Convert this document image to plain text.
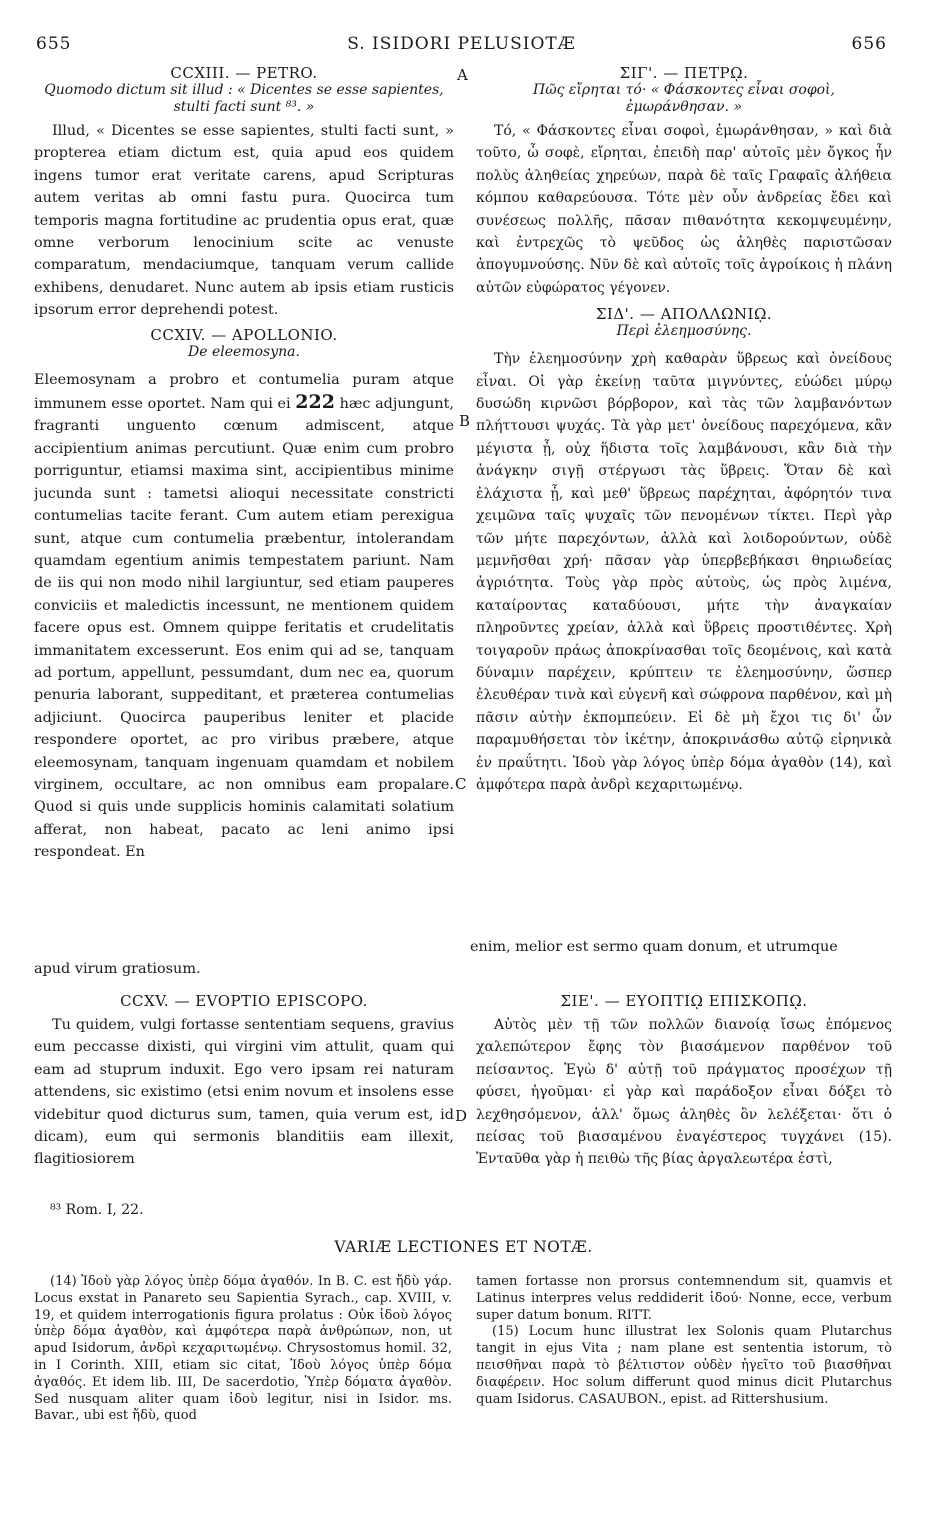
655	S. ISIDORI PELUSIOTÆ	656
A
B
C
D

CCXIII. — PETRO.

Quomodo dictum sit illud : « Dicentes se esse sapientes,

stulti facti sunt ⁸³. »

Illud, « Dicentes se esse sapientes, stulti facti sunt, » propterea etiam dictum est, quia apud eos quidem ingens tumor erat veritate carens, apud Scripturas autem veritas ab omni fastu pura. Quocirca tum temporis magna fortitudine ac prudentia opus erat, quæ omne verborum lenocinium scite ac venuste comparatum, mendaciumque, tanquam verum callide exhibens, denudaret. Nunc autem ab ipsis etiam rusticis ipsorum error deprehendi potest.

CCXIV. — APOLLONIO.

De eleemosyna.

Eleemosynam a probro et contumelia puram atque immunem esse oportet. Nam qui ei 222 hæc adjungunt, fragranti unguento cœnum admiscent, atque accipientium animas percutiunt. Quæ enim cum probro porriguntur, etiamsi maxima sint, accipientibus minime jucunda sunt : tametsi alioqui necessitate constricti contumelias tacite ferant. Cum autem etiam perexigua sunt, atque cum contumelia præbentur, intolerandam quamdam egentium animis tempestatem pariunt. Nam de iis qui non modo nihil largiuntur, sed etiam pauperes conviciis et maledictis incessunt, ne mentionem quidem facere opus est. Omnem quippe feritatis et crudelitatis immanitatem excesserunt. Eos enim qui ad se, tanquam ad portum, appellunt, pessumdant, dum nec ea, quorum penuria laborant, suppeditant, et præterea contumelias adjiciunt. Quocirca pauperibus leniter et placide respondere oportet, ac pro viribus præbere, atque eleemosynam, tanquam ingenuam quamdam et nobilem virginem, occultare, ac non omnibus eam propalare. Quod si quis unde supplicis hominis calamitati solatium afferat, non habeat, pacato ac leni animo ipsi respondeat. En

ΣΙΓ'. — ΠΕΤΡῼ.

Πῶς εἴρηται τό· « Φάσκοντες εἶναι σοφοὶ,

ἐμωράνθησαν. »

Τό, « Φάσκοντες εἶναι σοφοὶ, ἐμωράνθησαν, » καὶ διὰ τοῦτο, ὦ σοφὲ, εἴρηται, ἐπειδὴ παρ' αὐτοῖς μὲν ὄγκος ἦν πολὺς ἀληθείας χηρεύων, παρὰ δὲ ταῖς Γραφαῖς ἀλήθεια κόμπου καθαρεύουσα. Τότε μὲν οὖν ἀνδρείας ἔδει καὶ συνέσεως πολλῆς, πᾶσαν πιθανότητα κεκομψευμένην, καὶ ἐντρεχῶς τὸ ψεῦδος ὡς ἀληθὲς παριστῶσαν ἀπογυμνούσης. Νῦν δὲ καὶ αὐτοῖς τοῖς ἀγροίκοις ἡ πλάνη αὐτῶν εὐφώρατος γέγονεν.

ΣΙΔ'. — ΑΠΟΛΛΩΝΙῼ.

Περὶ ἐλεημοσύνης.

Τὴν ἐλεημοσύνην χρὴ καθαρὰν ὕβρεως καὶ ὀνείδους εἶναι. Οἱ γὰρ ἐκείνῃ ταῦτα μιγνύντες, εὐώδει μύρῳ δυσώδη κιρνῶσι βόρβορον, καὶ τὰς τῶν λαμβανόντων πλήττουσι ψυχάς. Τὰ γὰρ μετ' ὀνείδους παρεχόμενα, κἂν μέγιστα ᾖ, οὐχ ἥδιστα τοῖς λαμβάνουσι, κἂν διὰ τὴν ἀνάγκην σιγῇ στέργωσι τὰς ὕβρεις. Ὅταν δὲ καὶ ἐλάχιστα ᾖ, καὶ μεθ' ὕβρεως παρέχηται, ἀφόρητόν τινα χειμῶνα ταῖς ψυχαῖς τῶν πενομένων τίκτει. Περὶ γὰρ τῶν μήτε παρεχόντων, ἀλλὰ καὶ λοιδορούντων, οὐδὲ μεμνῆσθαι χρή· πᾶσαν γὰρ ὑπερβεβήκασι θηριωδείας ἀγριότητα. Τοὺς γὰρ πρὸς αὐτοὺς, ὡς πρὸς λιμένα, καταίροντας καταδύουσι, μήτε τὴν ἀναγκαίαν πληροῦντες χρείαν, ἀλλὰ καὶ ὕβρεις προστιθέντες. Χρὴ τοιγαροῦν πράως ἀποκρίνασθαι τοῖς δεομένοις, καὶ κατὰ δύναμιν παρέχειν, κρύπτειν τε ἐλεημοσύνην, ὥσπερ ἐλευθέραν τινὰ καὶ εὐγενῆ καὶ σώφρονα παρθένον, καὶ μὴ πᾶσιν αὐτὴν ἐκπομπεύειν. Εἰ δὲ μὴ ἔχοι τις δι' ὧν παραμυθήσεται τὸν ἱκέτην, ἀποκρινάσθω αὐτῷ εἰρηνικὰ ἐν πραΰτητι. Ἰδοὺ γὰρ λόγος ὑπὲρ δόμα ἀγαθὸν (14), καὶ ἀμφότερα παρὰ ἀνδρὶ κεχαριτωμένῳ.

enim, melior est sermo quam donum, et utrumque
apud virum gratiosum.

CCXV. — EVOPTIO EPISCOPO.

Tu quidem, vulgi fortasse sententiam sequens, gravius eum peccasse dixisti, qui virgini vim attulit, quam qui eam ad stuprum induxit. Ego vero ipsam rei naturam attendens, sic existimo (etsi enim novum et insolens esse videbitur quod dicturus sum, tamen, quia verum est, id dicam), eum qui sermonis blanditiis eam illexit, flagitiosiorem

ΣΙΕ'. — ΕΥΟΠΤΙῼ ΕΠΙΣΚΟΠῼ.

Αὐτὸς μὲν τῇ τῶν πολλῶν διανοίᾳ ἴσως ἑπόμενος χαλεπώτερον ἔφης τὸν βιασάμενον παρθένον τοῦ πείσαντος. Ἐγὼ δ' αὐτῇ τοῦ πράγματος προσέχων τῇ φύσει, ἡγοῦμαι· εἰ γὰρ καὶ παράδοξον εἶναι δόξει τὸ λεχθησόμενον, ἀλλ' ὅμως ἀληθὲς ὂν λελέξεται· ὅτι ὁ πείσας τοῦ βιασαμένου ἐναγέστερος τυγχάνει (15). Ἐνταῦθα γὰρ ἡ πειθὼ τῆς βίας ἀργαλεωτέρα ἐστὶ,

⁸³ Rom. I, 22.
VARIÆ LECTIONES ET NOTÆ.

(14) Ἰδοὺ γὰρ λόγος ὑπὲρ δόμα ἀγαθόν. In B. C. est ἤδὺ γάρ. Locus exstat in Panareto seu Sapientia Syrach., cap. XVIII, v. 19, et quidem interrogationis figura prolatus : Οὐκ ἰδοὺ λόγος ὑπὲρ δόμα ἀγαθὸν, καὶ ἀμφότερα παρὰ ἀνθρώπων, non, ut apud Isidorum, ἀνδρὶ κεχαριτωμένῳ. Chrysostomus homil. 32, in I Corinth. XIII, etiam sic citat, Ἰδοὺ λόγος ὑπὲρ δόμα ἀγαθός. Et idem lib. III, De sacerdotio, Ὑπὲρ δόματα ἀγαθὸν. Sed nusquam aliter quam ἰδοὺ legitur, nisi in Isidor. ms. Bavar., ubi est ἤδὺ, quod

tamen fortasse non prorsus contemnendum sit, quamvis et Latinus interpres velus reddiderit ἰδού· Nonne, ecce, verbum super datum bonum. RITT.

(15) Locum hunc illustrat lex Solonis quam Plutarchus tangit in ejus Vita ; nam plane est sententia istorum, τὸ πεισθῆναι παρὰ τὸ βέλτιστον οὐδὲν ἡγεῖτο τοῦ βιασθῆναι διαφέρειν. Hoc solum differunt quod minus dicit Plutarchus quam Isidorus. CASAUBON., epist. ad Rittershusium.
